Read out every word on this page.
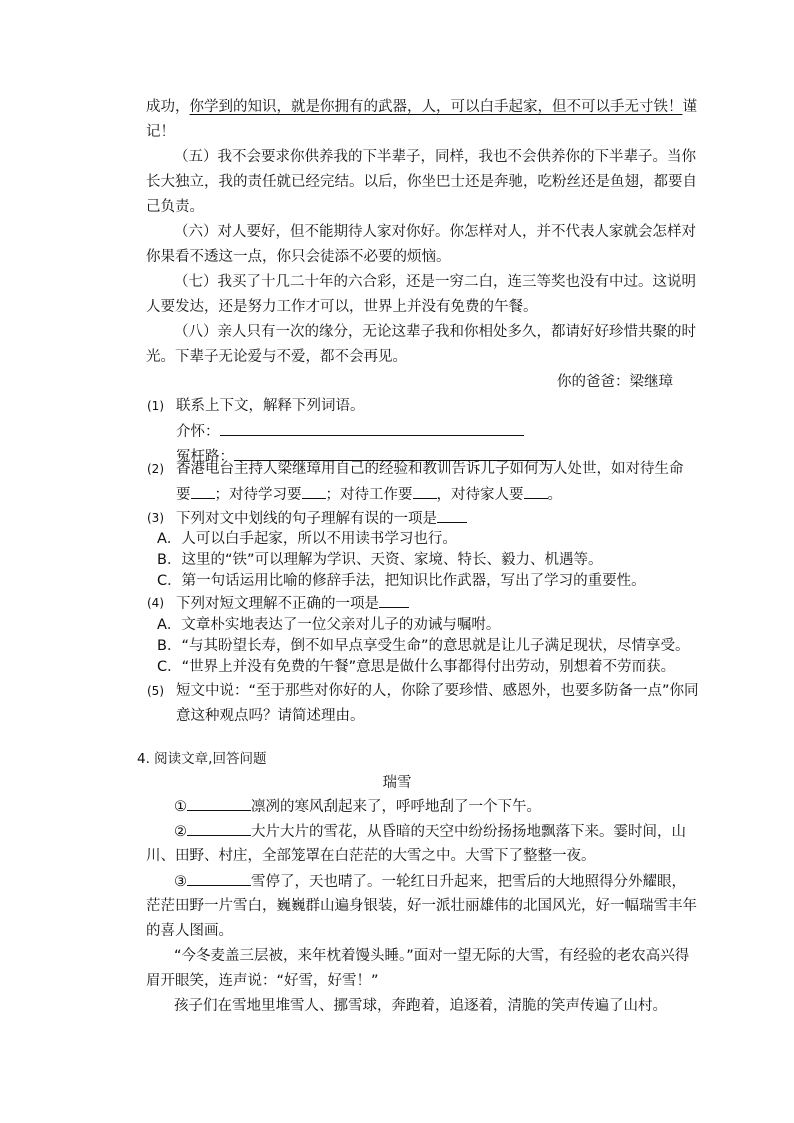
成功，你学到的知识，就是你拥有的武器，人，可以白手起家，但不可以手无寸铁！谨
记！
（五）我不会要求你供养我的下半辈子，同样，我也不会供养你的下半辈子。当你
长大独立，我的责任就已经完结。以后，你坐巴士还是奔驰，吃粉丝还是鱼翅，都要自
己负责。
（六）对人要好，但不能期待人家对你好。你怎样对人，并不代表人家就会怎样对
你果看不透这一点，你只会徒添不必要的烦恼。
（七）我买了十几二十年的六合彩，还是一穷二白，连三等奖也没有中过。这说明
人要发达，还是努力工作才可以，世界上并没有免费的午餐。
（八）亲人只有一次的缘分，无论这辈子我和你相处多久，都请好好珍惜共聚的时
光。下辈子无论爱与不爱，都不会再见。
你的爸爸：梁继璋
(1) 联系上下文，解释下列词语。
介怀：
冤枉路：
(2) 香港电台主持人梁继璋用自己的经验和教训告诉儿子如何为人处世，如对待生命
要 ；对待学习要 ；对待工作要 ，对待家人要 。
(3) 下列对文中划线的句子理解有误的一项是
A．人可以白手起家，所以不用读书学习也行。
B．这里的“铁”可以理解为学识、天资、家境、特长、毅力、机遇等。
C．第一句话运用比喻的修辞手法，把知识比作武器，写出了学习的重要性。
(4) 下列对短文理解不正确的一项是
A．文章朴实地表达了一位父亲对儿子的劝诫与嘱咐。
B．“与其盼望长寿，倒不如早点享受生命”的意思就是让儿子满足现状，尽情享受。
C．“世界上并没有免费的午餐”意思是做什么事都得付出劳动，别想着不劳而获。
(5) 短文中说：“至于那些对你好的人，你除了要珍惜、感恩外，也要多防备一点”你同
意这种观点吗？请简述理由。
4. 阅读文章,回答问题
瑞雪
①	凛冽的寒风刮起来了，呼呼地刮了一个下午。
②	大片大片的雪花，从昏暗的天空中纷纷扬扬地飘落下来。霎时间，山
川、田野、村庄，全部笼罩在白茫茫的大雪之中。大雪下了整整一夜。
③	雪停了，天也晴了。一轮红日升起来，把雪后的大地照得分外耀眼，
茫茫田野一片雪白，巍巍群山遍身银装，好一派壮丽雄伟的北国风光，好一幅瑞雪丰年
的喜人图画。
“今冬麦盖三层被，来年枕着馒头睡。”面对一望无际的大雪，有经验的老农高兴得
眉开眼笑，连声说：“好雪，好雪！”
孩子们在雪地里堆雪人、挪雪球，奔跑着，追逐着，清脆的笑声传遍了山村。
